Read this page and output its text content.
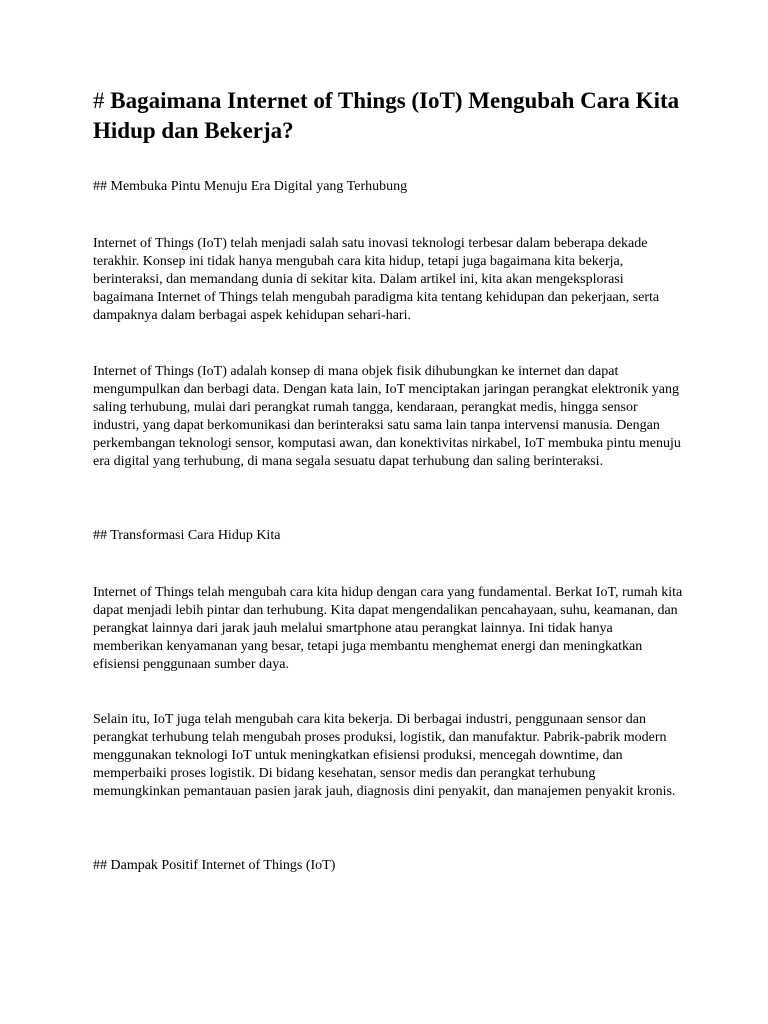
# Bagaimana Internet of Things (IoT) Mengubah Cara Kita Hidup dan Bekerja?
## Membuka Pintu Menuju Era Digital yang Terhubung

Internet of Things (IoT) telah menjadi salah satu inovasi teknologi terbesar dalam beberapa dekade terakhir. Konsep ini tidak hanya mengubah cara kita hidup, tetapi juga bagaimana kita bekerja, berinteraksi, dan memandang dunia di sekitar kita. Dalam artikel ini, kita akan mengeksplorasi bagaimana Internet of Things telah mengubah paradigma kita tentang kehidupan dan pekerjaan, serta dampaknya dalam berbagai aspek kehidupan sehari-hari.

Internet of Things (IoT) adalah konsep di mana objek fisik dihubungkan ke internet dan dapat mengumpulkan dan berbagi data. Dengan kata lain, IoT menciptakan jaringan perangkat elektronik yang saling terhubung, mulai dari perangkat rumah tangga, kendaraan, perangkat medis, hingga sensor industri, yang dapat berkomunikasi dan berinteraksi satu sama lain tanpa intervensi manusia. Dengan perkembangan teknologi sensor, komputasi awan, dan konektivitas nirkabel, IoT membuka pintu menuju era digital yang terhubung, di mana segala sesuatu dapat terhubung dan saling berinteraksi.

## Transformasi Cara Hidup Kita

Internet of Things telah mengubah cara kita hidup dengan cara yang fundamental. Berkat IoT, rumah kita dapat menjadi lebih pintar dan terhubung. Kita dapat mengendalikan pencahayaan, suhu, keamanan, dan perangkat lainnya dari jarak jauh melalui smartphone atau perangkat lainnya. Ini tidak hanya memberikan kenyamanan yang besar, tetapi juga membantu menghemat energi dan meningkatkan efisiensi penggunaan sumber daya.

Selain itu, IoT juga telah mengubah cara kita bekerja. Di berbagai industri, penggunaan sensor dan perangkat terhubung telah mengubah proses produksi, logistik, dan manufaktur. Pabrik-pabrik modern menggunakan teknologi IoT untuk meningkatkan efisiensi produksi, mencegah downtime, dan memperbaiki proses logistik. Di bidang kesehatan, sensor medis dan perangkat terhubung memungkinkan pemantauan pasien jarak jauh, diagnosis dini penyakit, dan manajemen penyakit kronis.

## Dampak Positif Internet of Things (IoT)
